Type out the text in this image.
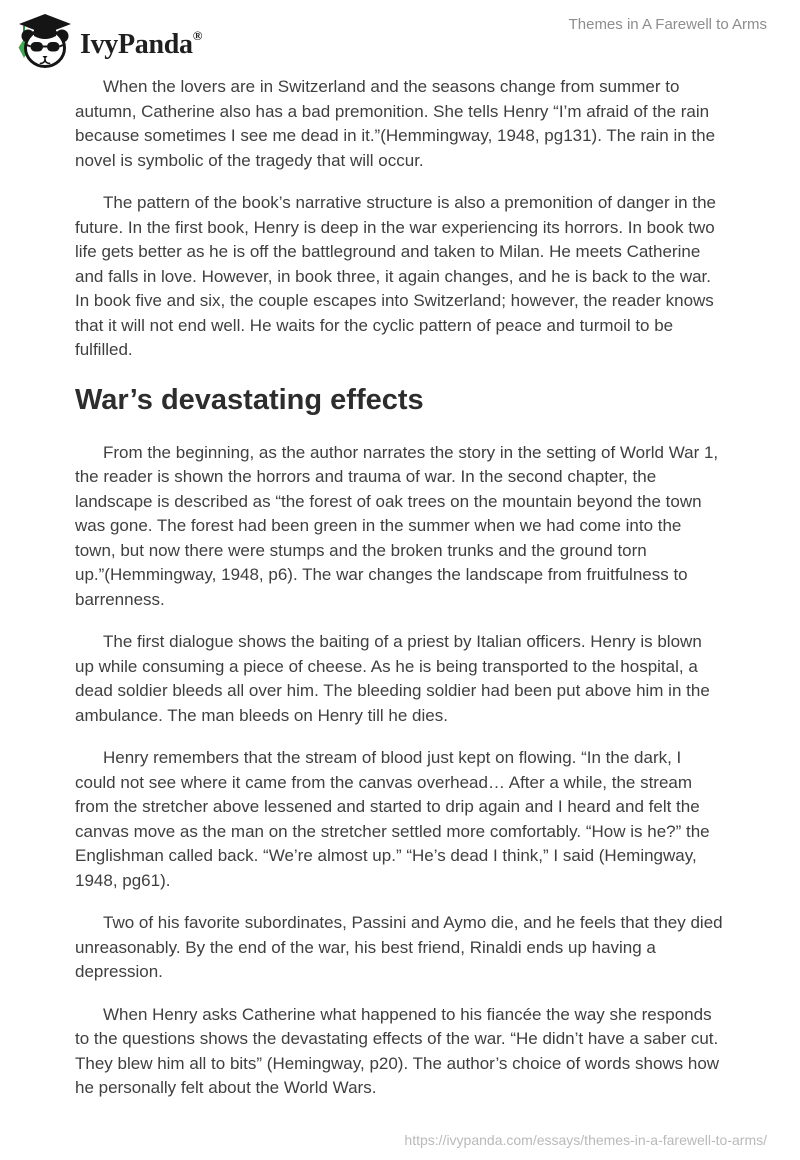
IvyPanda®
Themes in A Farewell to Arms

When the lovers are in Switzerland and the seasons change from summer to autumn, Catherine also has a bad premonition. She tells Henry “I’m afraid of the rain because sometimes I see me dead in it.”(Hemmingway, 1948, pg131). The rain in the novel is symbolic of the tragedy that will occur.

The pattern of the book’s narrative structure is also a premonition of danger in the future. In the first book, Henry is deep in the war experiencing its horrors. In book two life gets better as he is off the battleground and taken to Milan. He meets Catherine and falls in love. However, in book three, it again changes, and he is back to the war. In book five and six, the couple escapes into Switzerland; however, the reader knows that it will not end well. He waits for the cyclic pattern of peace and turmoil to be fulfilled.

War’s devastating effects

From the beginning, as the author narrates the story in the setting of World War 1, the reader is shown the horrors and trauma of war. In the second chapter, the landscape is described as “the forest of oak trees on the mountain beyond the town was gone. The forest had been green in the summer when we had come into the town, but now there were stumps and the broken trunks and the ground torn up.”(Hemmingway, 1948, p6). The war changes the landscape from fruitfulness to barrenness.

The first dialogue shows the baiting of a priest by Italian officers. Henry is blown up while consuming a piece of cheese. As he is being transported to the hospital, a dead soldier bleeds all over him. The bleeding soldier had been put above him in the ambulance. The man bleeds on Henry till he dies.

Henry remembers that the stream of blood just kept on flowing. “In the dark, I could not see where it came from the canvas overhead… After a while, the stream from the stretcher above lessened and started to drip again and I heard and felt the canvas move as the man on the stretcher settled more comfortably. “How is he?” the Englishman called back. “We’re almost up.” “He’s dead I think,” I said (Hemingway, 1948, pg61).

Two of his favorite subordinates, Passini and Aymo die, and he feels that they died unreasonably. By the end of the war, his best friend, Rinaldi ends up having a depression.

When Henry asks Catherine what happened to his fiancée the way she responds to the questions shows the devastating effects of the war. “He didn’t have a saber cut. They blew him all to bits” (Hemingway, p20). The author’s choice of words shows how he personally felt about the World Wars.

https://ivypanda.com/essays/themes-in-a-farewell-to-arms/
